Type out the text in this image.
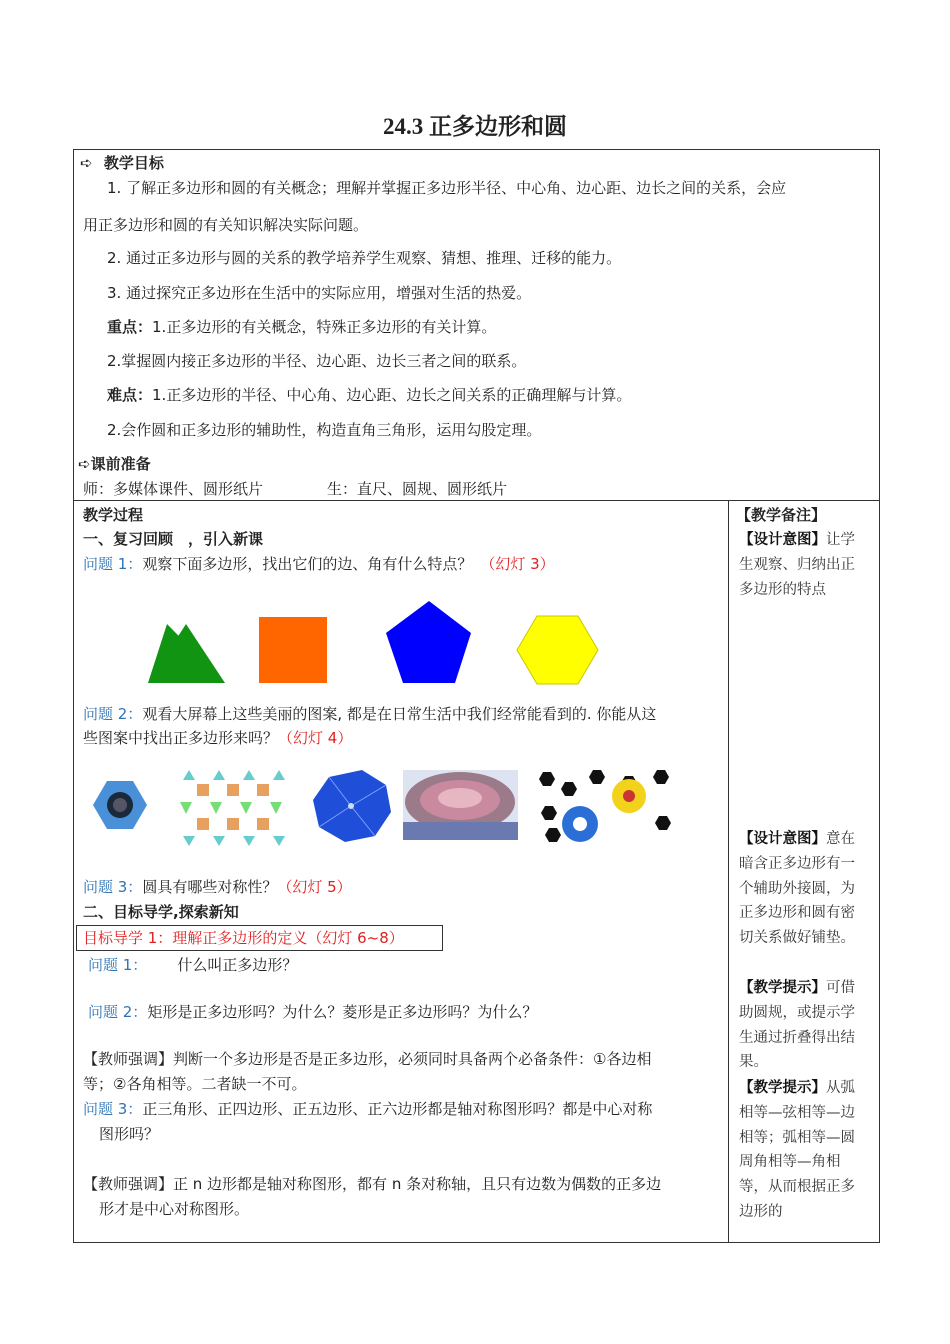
24.3 正多边形和圆
➪ 教学目标
1. 了解正多边形和圆的有关概念；理解并掌握正多边形半径、中心角、边心距、边长之间的关系，会应
用正多边形和圆的有关知识解决实际问题。
2. 通过正多边形与圆的关系的教学培养学生观察、猜想、推理、迁移的能力。
3. 通过探究正多边形在生活中的实际应用，增强对生活的热爱。
重点：1.正多边形的有关概念，特殊正多边形的有关计算。
2.掌握圆内接正多边形的半径、边心距、边长三者之间的联系。
难点：1.正多边形的半径、中心角、边心距、边长之间关系的正确理解与计算。
2.会作圆和正多边形的辅助性，构造直角三角形，运用勾股定理。
➪课前准备
师：多媒体课件、圆形纸片	生：直尺、圆规、圆形纸片
教学过程
一、复习回顾　，引入新课
问题 1：观察下面多边形，找出它们的边、角有什么特点？ （幻灯 3）
问题 2：观看大屏幕上这些美丽的图案, 都是在日常生活中我们经常能看到的. 你能从这
些图案中找出正多边形来吗？（幻灯 4）
问题 3：圆具有哪些对称性？（幻灯 5）
二、目标导学,探索新知
目标导学 1：理解正多边形的定义（幻灯 6~8）
问题 1： 什么叫正多边形？
问题 2：矩形是正多边形吗？为什么？菱形是正多边形吗？为什么？
【教师强调】判断一个多边形是否是正多边形，必须同时具备两个必备条件：①各边相
等；②各角相等。二者缺一不可。
问题 3：正三角形、正四边形、正五边形、正六边形都是轴对称图形吗？都是中心对称
图形吗？
【教师强调】正 n 边形都是轴对称图形，都有 n 条对称轴，且只有边数为偶数的正多边
形才是中心对称图形。
【教学备注】
【设计意图】让学生观察、归纳出正多边形的特点
【设计意图】意在暗含正多边形有一个辅助外接圆，为正多边形和圆有密切关系做好铺垫。
【教学提示】可借助圆规，或提示学生通过折叠得出结果。
【教学提示】从弧相等—弦相等—边相等；弧相等—圆周角相等—角相等，从而根据正多边形的
